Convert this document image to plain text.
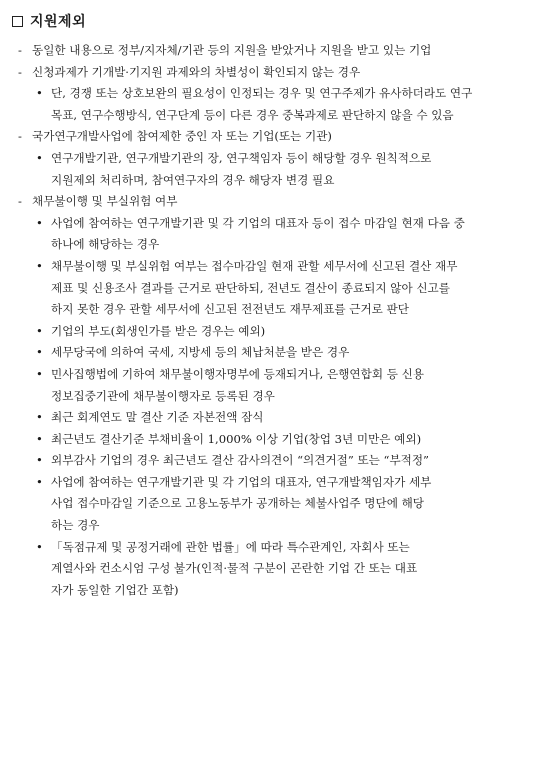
지원제외
- 동일한 내용으로 정부/지자체/기관 등의 지원을 받았거나 지원을 받고 있는 기업
- 신청과제가 기개발·기지원 과제와의 차별성이 확인되지 않는 경우
• 단, 경쟁 또는 상호보완의 필요성이 인정되는 경우 및 연구주제가 유사하더라도 연구
목표, 연구수행방식, 연구단계 등이 다른 경우 중복과제로 판단하지 않을 수 있음
- 국가연구개발사업에 참여제한 중인 자 또는 기업(또는 기관)
• 연구개발기관, 연구개발기관의 장, 연구책임자 등이 해당할 경우 원칙적으로
지원제외 처리하며, 참여연구자의 경우 해당자 변경 필요
- 채무불이행 및 부실위험 여부
• 사업에 참여하는 연구개발기관 및 각 기업의 대표자 등이 접수 마감일 현재 다음 중
하나에 해당하는 경우
• 채무불이행 및 부실위험 여부는 접수마감일 현재 관할 세무서에 신고된 결산 재무
제표 및 신용조사 결과를 근거로 판단하되, 전년도 결산이 종료되지 않아 신고를
하지 못한 경우 관할 세무서에 신고된 전전년도 재무제표를 근거로 판단
• 기업의 부도(회생인가를 받은 경우는 예외)
• 세무당국에 의하여 국세, 지방세 등의 체납처분을 받은 경우
• 민사집행법에 기하여 채무불이행자명부에 등재되거나, 은행연합회 등 신용
정보집중기관에 채무불이행자로 등록된 경우
• 최근 회계연도 말 결산 기준 자본전액 잠식
• 최근년도 결산기준 부채비율이 1,000% 이상 기업(창업 3년 미만은 예외)
• 외부감사 기업의 경우 최근년도 결산 감사의견이 “의견거절” 또는 “부적정”
• 사업에 참여하는 연구개발기관 및 각 기업의 대표자, 연구개발책임자가 세부
사업 접수마감일 기준으로 고용노동부가 공개하는 체불사업주 명단에 해당
하는 경우
• 「독점규제 및 공정거래에 관한 법률」에 따라 특수관계인, 자회사 또는
계열사와 컨소시엄 구성 불가(인적·물적 구분이 곤란한 기업 간 또는 대표
자가 동일한 기업간 포함)
